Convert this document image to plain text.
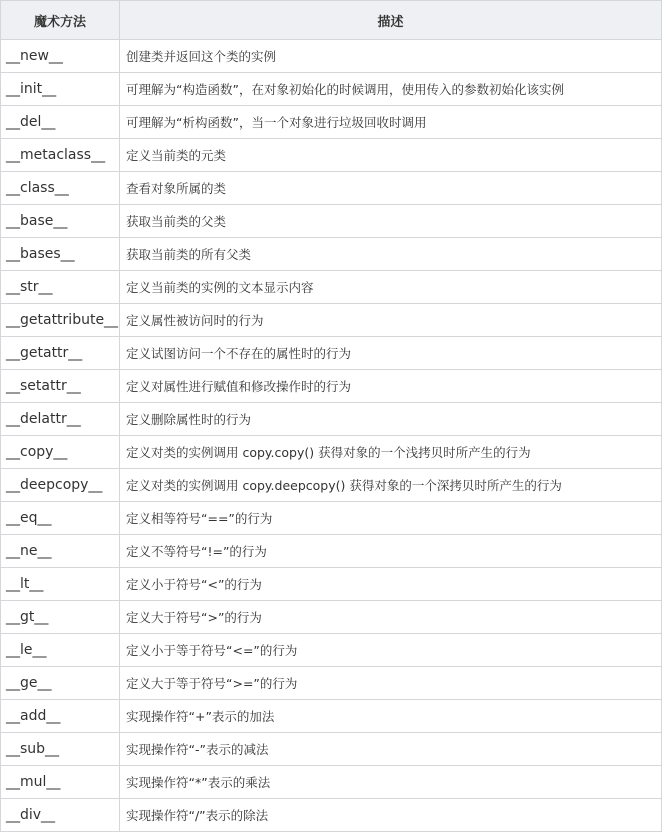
魔术方法	描述
__new__	创建类并返回这个类的实例
__init__	可理解为“构造函数”，在对象初始化的时候调用，使用传入的参数初始化该实例
__del__	可理解为“析构函数”，当一个对象进行垃圾回收时调用
__metaclass__	定义当前类的元类
__class__	查看对象所属的类
__base__	获取当前类的父类
__bases__	获取当前类的所有父类
__str__	定义当前类的实例的文本显示内容
__getattribute__	定义属性被访问时的行为
__getattr__	定义试图访问一个不存在的属性时的行为
__setattr__	定义对属性进行赋值和修改操作时的行为
__delattr__	定义删除属性时的行为
__copy__	定义对类的实例调用 copy.copy() 获得对象的一个浅拷贝时所产生的行为
__deepcopy__	定义对类的实例调用 copy.deepcopy() 获得对象的一个深拷贝时所产生的行为
__eq__	定义相等符号“==”的行为
__ne__	定义不等符号“!=”的行为
__lt__	定义小于符号“<”的行为
__gt__	定义大于符号“>”的行为
__le__	定义小于等于符号“<=”的行为
__ge__	定义大于等于符号“>=”的行为
__add__	实现操作符“+”表示的加法
__sub__	实现操作符“-”表示的减法
__mul__	实现操作符“*”表示的乘法
__div__	实现操作符“/”表示的除法
